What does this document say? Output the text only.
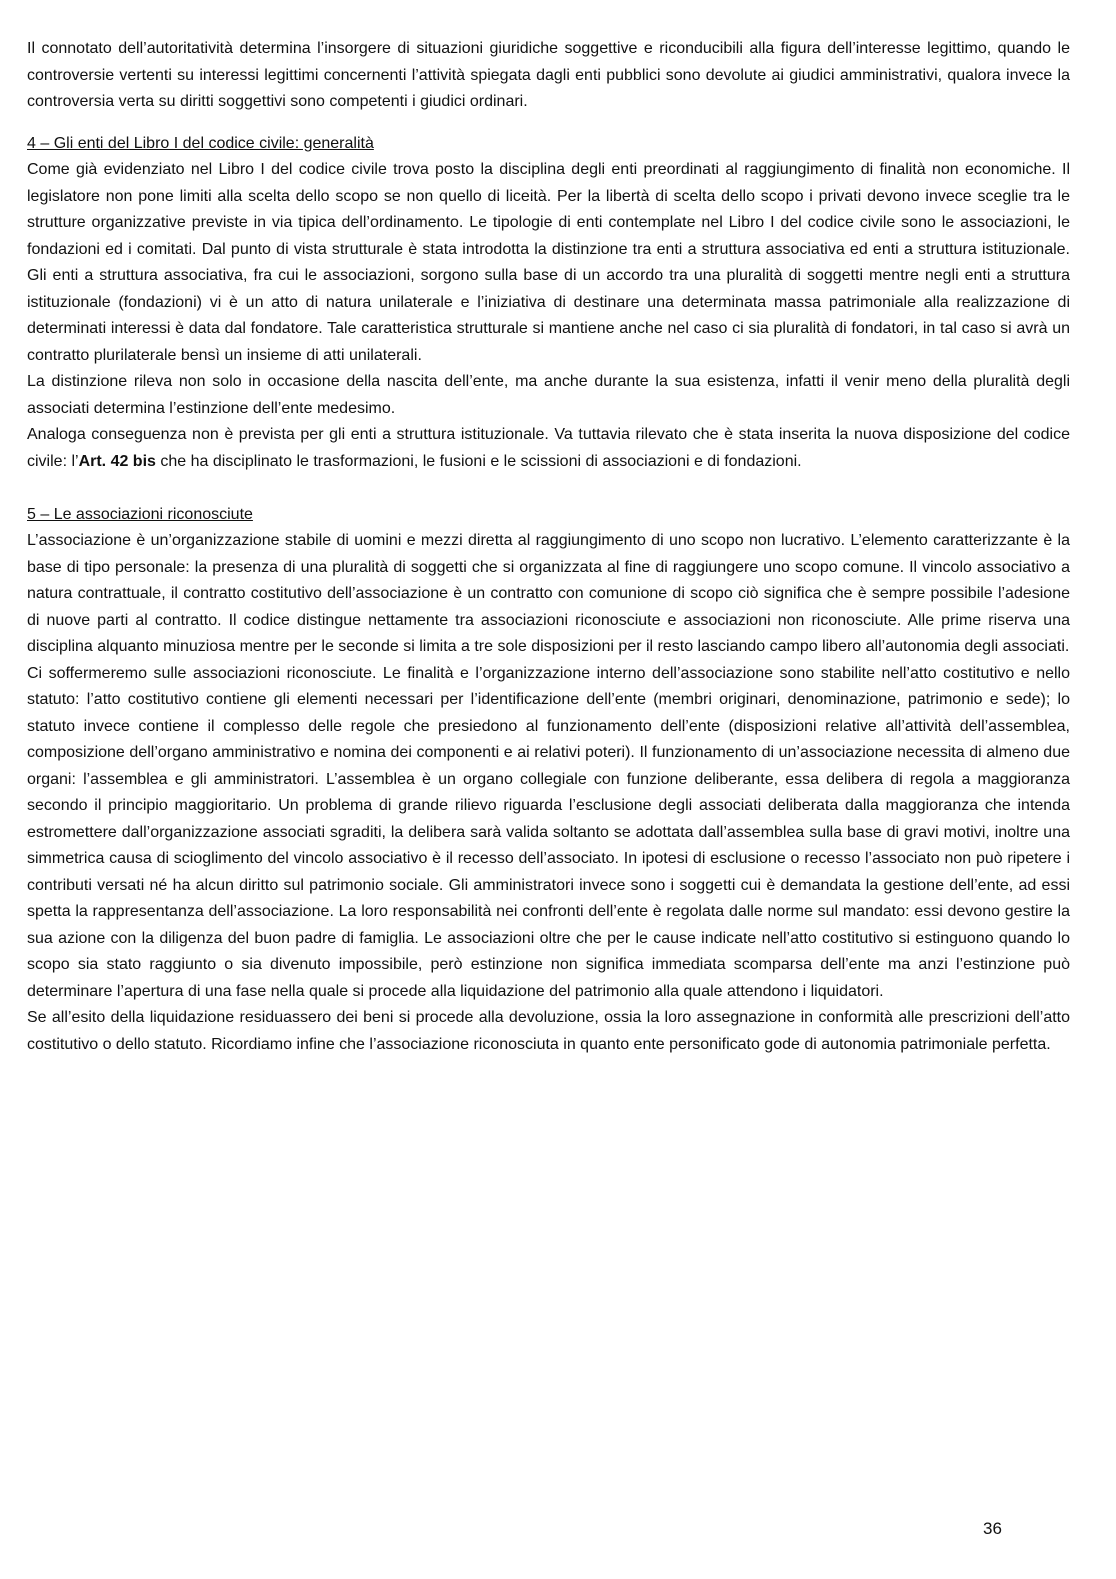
Il connotato dell’autoritatività determina l’insorgere di situazioni giuridiche soggettive e riconducibili alla figura dell’interesse legittimo, quando le controversie vertenti su interessi legittimi concernenti l’attività spiegata dagli enti pubblici sono devolute ai giudici amministrativi, qualora invece la controversia verta su diritti soggettivi sono competenti i giudici ordinari.

4 – Gli enti del Libro I del codice civile: generalità

Come già evidenziato nel Libro I del codice civile trova posto la disciplina degli enti preordinati al raggiungimento di finalità non economiche. Il legislatore non pone limiti alla scelta dello scopo se non quello di liceità. Per la libertà di scelta dello scopo i privati devono invece sceglie tra le strutture organizzative previste in via tipica dell’ordinamento. Le tipologie di enti contemplate nel Libro I del codice civile sono le associazioni, le fondazioni ed i comitati. Dal punto di vista strutturale è stata introdotta la distinzione tra enti a struttura associativa ed enti a struttura istituzionale. Gli enti a struttura associativa, fra cui le associazioni, sorgono sulla base di un accordo tra una pluralità di soggetti mentre negli enti a struttura istituzionale (fondazioni) vi è un atto di natura unilaterale e l’iniziativa di destinare una determinata massa patrimoniale alla realizzazione di determinati interessi è data dal fondatore. Tale caratteristica strutturale si mantiene anche nel caso ci sia pluralità di fondatori, in tal caso si avrà un contratto plurilaterale bensì un insieme di atti unilaterali.

La distinzione rileva non solo in occasione della nascita dell’ente, ma anche durante la sua esistenza, infatti il venir meno della pluralità degli associati determina l’estinzione dell’ente medesimo.

Analoga conseguenza non è prevista per gli enti a struttura istituzionale. Va tuttavia rilevato che è stata inserita la nuova disposizione del codice civile: l’Art. 42 bis che ha disciplinato le trasformazioni, le fusioni e le scissioni di associazioni e di fondazioni.

5 – Le associazioni riconosciute

L’associazione è un’organizzazione stabile di uomini e mezzi diretta al raggiungimento di uno scopo non lucrativo. L’elemento caratterizzante è la base di tipo personale: la presenza di una pluralità di soggetti che si organizzata al fine di raggiungere uno scopo comune. Il vincolo associativo a natura contrattuale, il contratto costitutivo dell’associazione è un contratto con comunione di scopo ciò significa che è sempre possibile l’adesione di nuove parti al contratto. Il codice distingue nettamente tra associazioni riconosciute e associazioni non riconosciute. Alle prime riserva una disciplina alquanto minuziosa mentre per le seconde si limita a tre sole disposizioni per il resto lasciando campo libero all’autonomia degli associati.

Ci soffermeremo sulle associazioni riconosciute. Le finalità e l’organizzazione interno dell’associazione sono stabilite nell’atto costitutivo e nello statuto: l’atto costitutivo contiene gli elementi necessari per l’identificazione dell’ente (membri originari, denominazione, patrimonio e sede); lo statuto invece contiene il complesso delle regole che presiedono al funzionamento dell’ente (disposizioni relative all’attività dell’assemblea, composizione dell’organo amministrativo e nomina dei componenti e ai relativi poteri). Il funzionamento di un’associazione necessita di almeno due organi: l’assemblea e gli amministratori. L’assemblea è un organo collegiale con funzione deliberante, essa delibera di regola a maggioranza secondo il principio maggioritario. Un problema di grande rilievo riguarda l’esclusione degli associati deliberata dalla maggioranza che intenda estromettere dall’organizzazione associati sgraditi, la delibera sarà valida soltanto se adottata dall’assemblea sulla base di gravi motivi, inoltre una simmetrica causa di scioglimento del vincolo associativo è il recesso dell’associato. In ipotesi di esclusione o recesso l’associato non può ripetere i contributi versati né ha alcun diritto sul patrimonio sociale. Gli amministratori invece sono i soggetti cui è demandata la gestione dell’ente, ad essi spetta la rappresentanza dell’associazione. La loro responsabilità nei confronti dell’ente è regolata dalle norme sul mandato: essi devono gestire la sua azione con la diligenza del buon padre di famiglia. Le associazioni oltre che per le cause indicate nell’atto costitutivo si estinguono quando lo scopo sia stato raggiunto o sia divenuto impossibile, però estinzione non significa immediata scomparsa dell’ente ma anzi l’estinzione può determinare l’apertura di una fase nella quale si procede alla liquidazione del patrimonio alla quale attendono i liquidatori.

Se all’esito della liquidazione residuassero dei beni si procede alla devoluzione, ossia la loro assegnazione in conformità alle prescrizioni dell’atto costitutivo o dello statuto. Ricordiamo infine che l’associazione riconosciuta in quanto ente personificato gode di autonomia patrimoniale perfetta.

36
